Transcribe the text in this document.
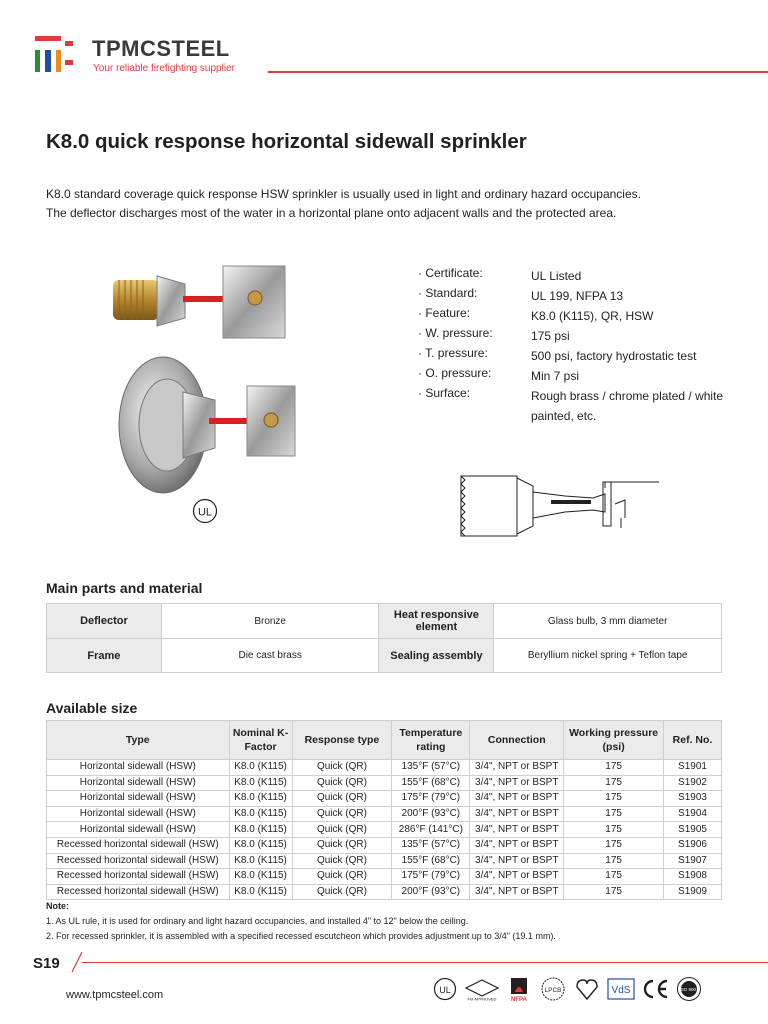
TPMCSTEEL
Your reliable firefighting supplier
K8.0 quick response horizontal sidewall sprinkler
K8.0 standard coverage quick response HSW sprinkler is usually used in light and ordinary hazard occupancies.
The deflector discharges most of the water in a horizontal plane onto adjacent walls and the protected area.
UL
· Certificate:	UL Listed
· Standard:	UL 199, NFPA 13
· Feature:	K8.0 (K115), QR, HSW
· W. pressure:	175 psi
· T. pressure:	500 psi, factory hydrostatic test
· O. pressure:	Min 7 psi
· Surface:	Rough brass / chrome plated / white painted, etc.
Main parts and material
Deflector	Bronze	Heat responsive element	Glass bulb, 3 mm diameter
Frame	Die cast brass	Sealing assembly	Beryllium nickel spring + Teflon tape
Available size
Type	Nominal K-Factor	Response type	Temperature rating	Connection	Working pressure (psi)	Ref. No.
Horizontal sidewall (HSW)	K8.0 (K115)	Quick (QR)	135°F (57°C)	3/4", NPT or BSPT	175	S1901
Horizontal sidewall (HSW)	K8.0 (K115)	Quick (QR)	155°F (68°C)	3/4", NPT or BSPT	175	S1902
Horizontal sidewall (HSW)	K8.0 (K115)	Quick (QR)	175°F (79°C)	3/4", NPT or BSPT	175	S1903
Horizontal sidewall (HSW)	K8.0 (K115)	Quick (QR)	200°F (93°C)	3/4", NPT or BSPT	175	S1904
Horizontal sidewall (HSW)	K8.0 (K115)	Quick (QR)	286°F (141°C)	3/4", NPT or BSPT	175	S1905
Recessed horizontal sidewall (HSW)	K8.0 (K115)	Quick (QR)	135°F (57°C)	3/4", NPT or BSPT	175	S1906
Recessed horizontal sidewall (HSW)	K8.0 (K115)	Quick (QR)	155°F (68°C)	3/4", NPT or BSPT	175	S1907
Recessed horizontal sidewall (HSW)	K8.0 (K115)	Quick (QR)	175°F (79°C)	3/4", NPT or BSPT	175	S1908
Recessed horizontal sidewall (HSW)	K8.0 (K115)	Quick (QR)	200°F (93°C)	3/4", NPT or BSPT	175	S1909
Note:
1. As UL rule, it is used for ordinary and light hazard occupancies, and installed 4" to 12" below the ceiling.
2. For recessed sprinkler, it is assembled with a specified recessed escutcheon which provides adjustment up to 3/4" (19.1 mm).
S19
www.tpmcsteel.com	UL
FM APPROVED NFPA
LPCB	VdS	ISO 9001
